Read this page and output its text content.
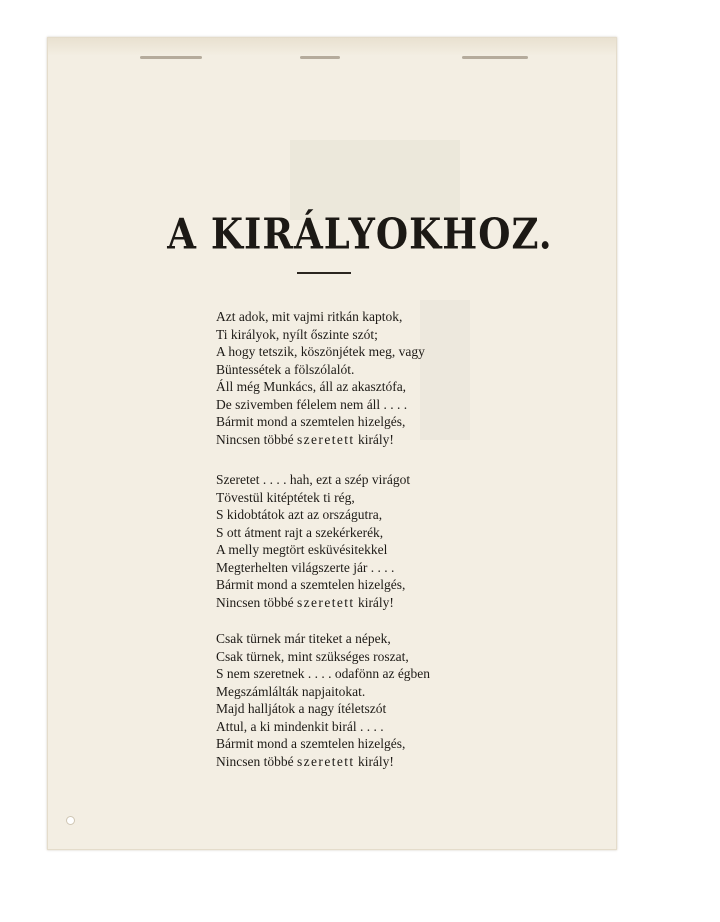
A KIRÁLYOKHOZ.
Azt adok, mit vajmi ritkán kaptok,
Ti királyok, nyílt őszinte szót;
A hogy tetszik, köszönjétek meg, vagy
Büntessétek a fölszólalót.
Áll még Munkács, áll az akasztófa,
De szivemben félelem nem áll . . . .
Bármit mond a szemtelen hizelgés,
Nincsen többé szeretett király!
Szeretet . . . . hah, ezt a szép virágot
Tövestül kitéptétek ti rég,
S kidobtátok azt az országutra,
S ott átment rajt a szekérkerék,
A melly megtört esküvésitekkel
Megterheltеn világszerte jár . . . .
Bármit mond a szemtelen hizelgés,
Nincsen többé szeretett király!
Csak türnek már titeket a népek,
Csak türnek, mint szükséges roszat,
S nem szeretnek . . . . odafönn az égben
Megszámlálták napjaitokat.
Majd halljátok a nagy ítéletszót
Attul, a ki mindenkit birál . . . .
Bármit mond a szemtelen hizelgés,
Nincsen többé szeretett király!
